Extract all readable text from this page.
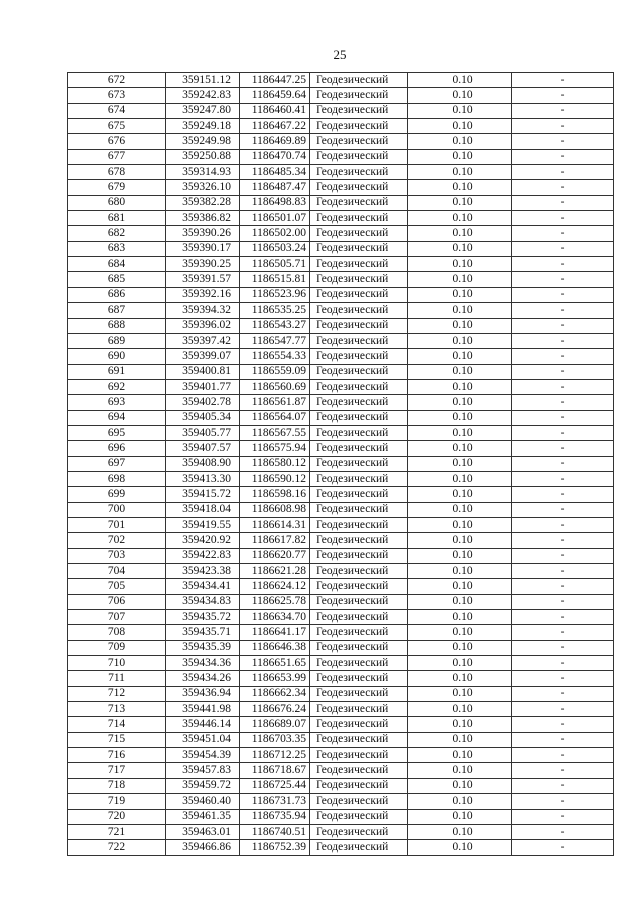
25
672	359151.12	1186447.25	Геодезический	0.10	-
673	359242.83	1186459.64	Геодезический	0.10	-
674	359247.80	1186460.41	Геодезический	0.10	-
675	359249.18	1186467.22	Геодезический	0.10	-
676	359249.98	1186469.89	Геодезический	0.10	-
677	359250.88	1186470.74	Геодезический	0.10	-
678	359314.93	1186485.34	Геодезический	0.10	-
679	359326.10	1186487.47	Геодезический	0.10	-
680	359382.28	1186498.83	Геодезический	0.10	-
681	359386.82	1186501.07	Геодезический	0.10	-
682	359390.26	1186502.00	Геодезический	0.10	-
683	359390.17	1186503.24	Геодезический	0.10	-
684	359390.25	1186505.71	Геодезический	0.10	-
685	359391.57	1186515.81	Геодезический	0.10	-
686	359392.16	1186523.96	Геодезический	0.10	-
687	359394.32	1186535.25	Геодезический	0.10	-
688	359396.02	1186543.27	Геодезический	0.10	-
689	359397.42	1186547.77	Геодезический	0.10	-
690	359399.07	1186554.33	Геодезический	0.10	-
691	359400.81	1186559.09	Геодезический	0.10	-
692	359401.77	1186560.69	Геодезический	0.10	-
693	359402.78	1186561.87	Геодезический	0.10	-
694	359405.34	1186564.07	Геодезический	0.10	-
695	359405.77	1186567.55	Геодезический	0.10	-
696	359407.57	1186575.94	Геодезический	0.10	-
697	359408.90	1186580.12	Геодезический	0.10	-
698	359413.30	1186590.12	Геодезический	0.10	-
699	359415.72	1186598.16	Геодезический	0.10	-
700	359418.04	1186608.98	Геодезический	0.10	-
701	359419.55	1186614.31	Геодезический	0.10	-
702	359420.92	1186617.82	Геодезический	0.10	-
703	359422.83	1186620.77	Геодезический	0.10	-
704	359423.38	1186621.28	Геодезический	0.10	-
705	359434.41	1186624.12	Геодезический	0.10	-
706	359434.83	1186625.78	Геодезический	0.10	-
707	359435.72	1186634.70	Геодезический	0.10	-
708	359435.71	1186641.17	Геодезический	0.10	-
709	359435.39	1186646.38	Геодезический	0.10	-
710	359434.36	1186651.65	Геодезический	0.10	-
711	359434.26	1186653.99	Геодезический	0.10	-
712	359436.94	1186662.34	Геодезический	0.10	-
713	359441.98	1186676.24	Геодезический	0.10	-
714	359446.14	1186689.07	Геодезический	0.10	-
715	359451.04	1186703.35	Геодезический	0.10	-
716	359454.39	1186712.25	Геодезический	0.10	-
717	359457.83	1186718.67	Геодезический	0.10	-
718	359459.72	1186725.44	Геодезический	0.10	-
719	359460.40	1186731.73	Геодезический	0.10	-
720	359461.35	1186735.94	Геодезический	0.10	-
721	359463.01	1186740.51	Геодезический	0.10	-
722	359466.86	1186752.39	Геодезический	0.10	-
